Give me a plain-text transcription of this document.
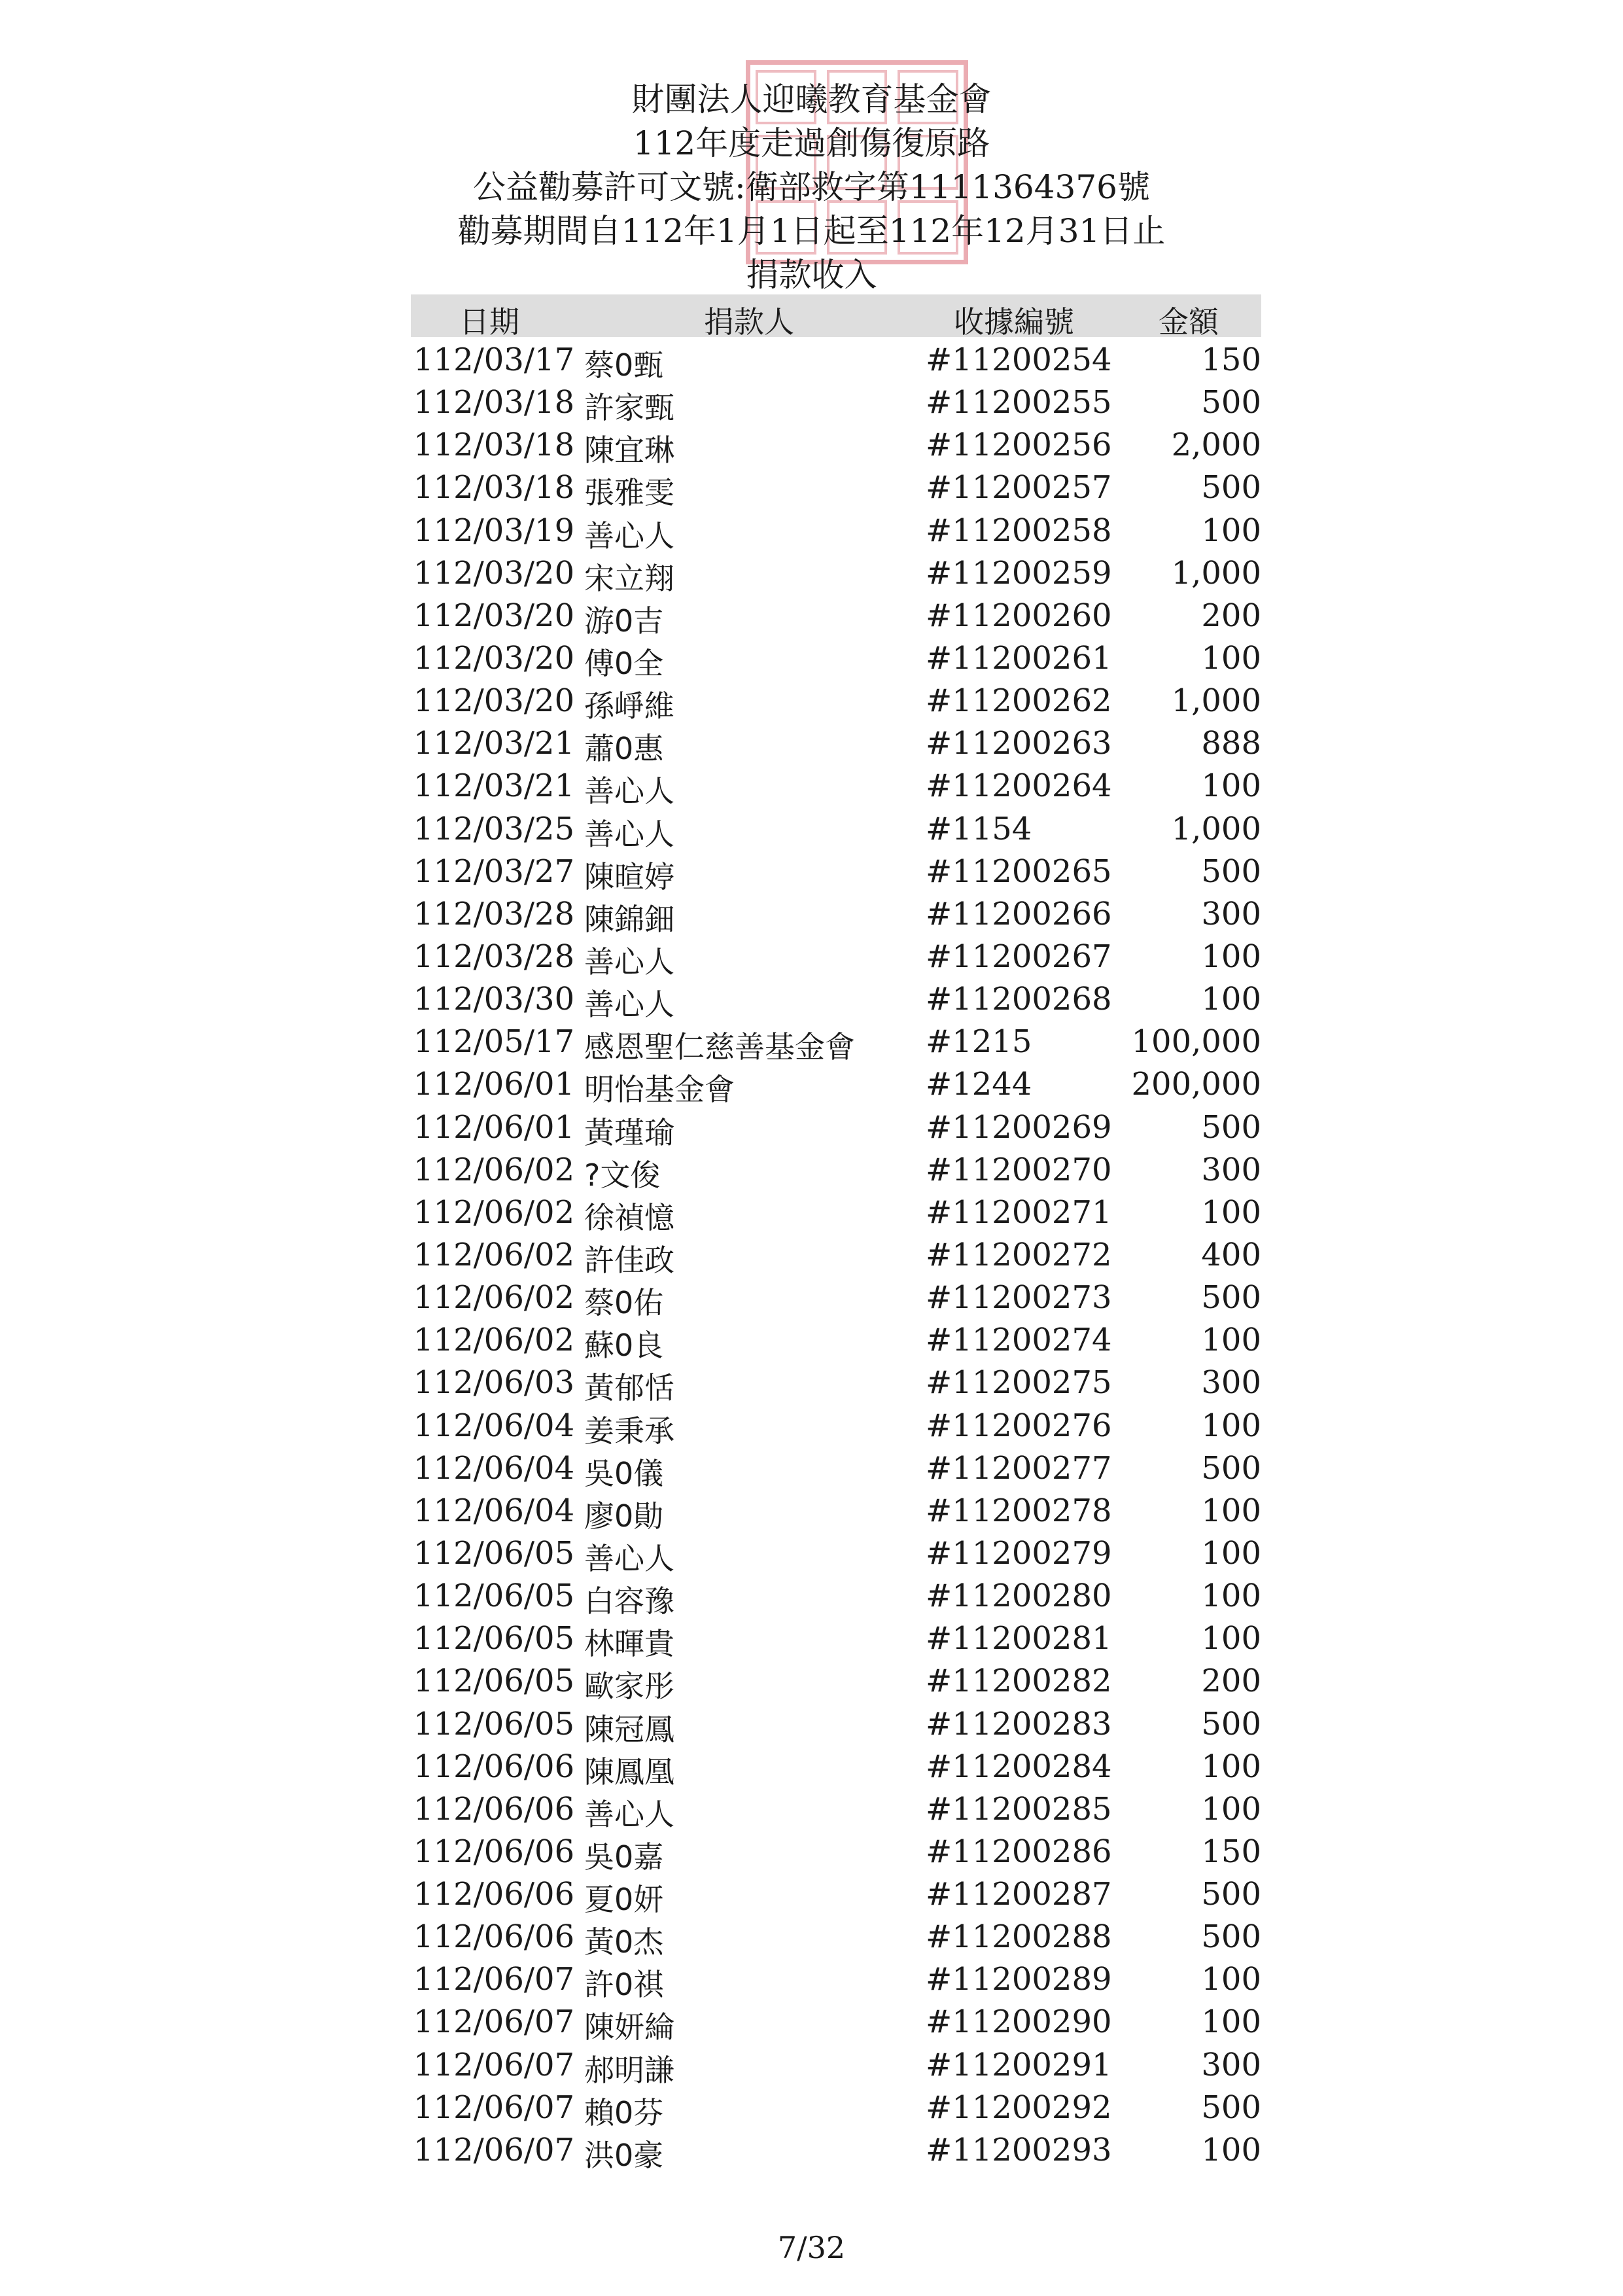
財團法人迎曦教育基金會
112年度走過創傷復原路
公益勸募許可文號:衛部救字第1111364376號
勸募期間自112年1月1日起至112年12月31日止
捐款收入
日期	捐款人	收據編號	金額
112/03/17 蔡0甄	#11200254	150
112/03/18 許家甄	#11200255	500
112/03/18 陳宜琳	#11200256 2,000
112/03/18 張雅雯	#11200257	500
112/03/19 善心人	#11200258	100
112/03/20 宋立翔	#11200259 1,000
112/03/20 游0吉	#11200260	200
112/03/20 傅0全	#11200261	100
112/03/20 孫崢維	#11200262 1,000
112/03/21 蕭0惠	#11200263	888
112/03/21 善心人	#11200264	100
112/03/25 善心人	#1154	1,000
112/03/27 陳暄婷	#11200265	500
112/03/28 陳錦鈿	#11200266	300
112/03/28 善心人	#11200267	100
112/03/30 善心人	#11200268	100
112/05/17 感恩聖仁慈善基金會 #1215	100,000
112/06/01 明怡基金會	#1244	200,000
112/06/01 黃瑾瑜	#11200269	500
112/06/02 ?文俊	#11200270	300
112/06/02 徐禎憶	#11200271	100
112/06/02 許佳政	#11200272	400
112/06/02 蔡0佑	#11200273	500
112/06/02 蘇0良	#11200274	100
112/06/03 黃郁恬	#11200275	300
112/06/04 姜秉承	#11200276	100
112/06/04 吳0儀	#11200277	500
112/06/04 廖0勛	#11200278	100
112/06/05 善心人	#11200279	100
112/06/05 白容豫	#11200280	100
112/06/05 林暉貴	#11200281	100
112/06/05 歐家彤	#11200282	200
112/06/05 陳冠鳳	#11200283	500
112/06/06 陳鳳凰	#11200284	100
112/06/06 善心人	#11200285	100
112/06/06 吳0嘉	#11200286	150
112/06/06 夏0妍	#11200287	500
112/06/06 黃0杰	#11200288	500
112/06/07 許0祺	#11200289	100
112/06/07 陳妍綸	#11200290	100
112/06/07 郝明謙	#11200291	300
112/06/07 賴0芬	#11200292	500
112/06/07 洪0豪	#11200293	100
7/32
